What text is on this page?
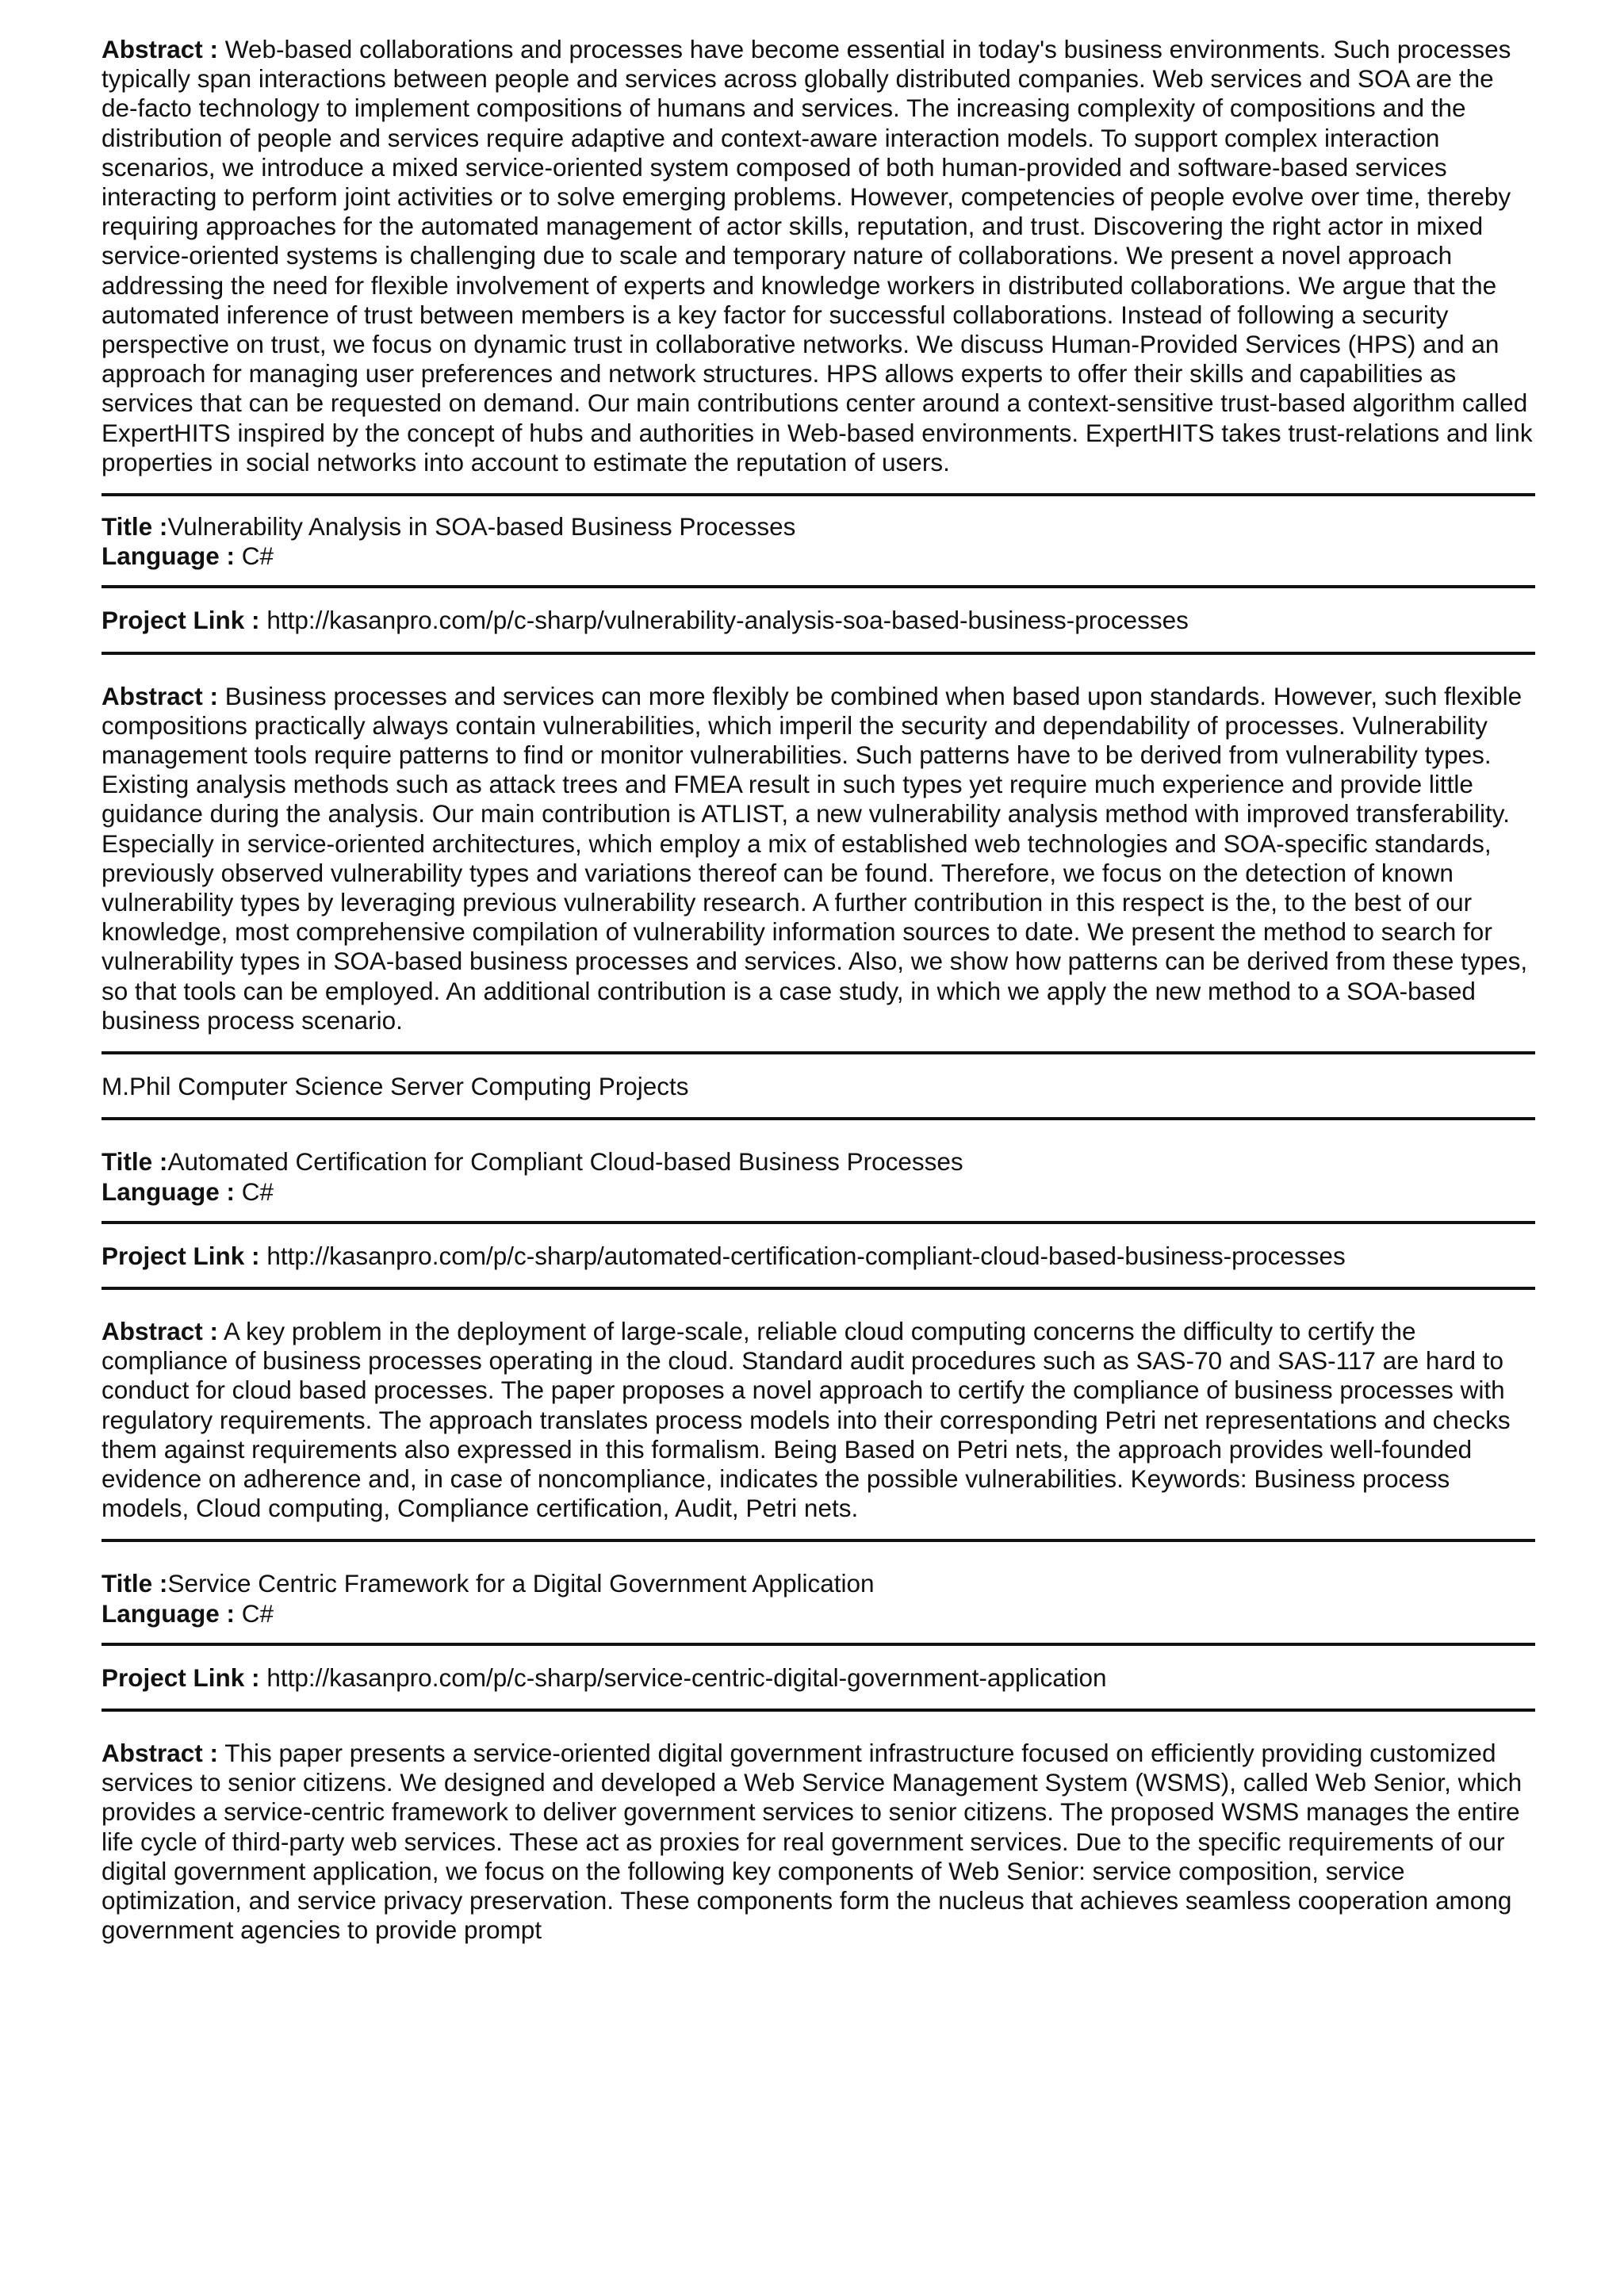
Abstract : Web-based collaborations and processes have become essential in today's business environments. Such processes typically span interactions between people and services across globally distributed companies. Web services and SOA are the de-facto technology to implement compositions of humans and services. The increasing complexity of compositions and the distribution of people and services require adaptive and context-aware interaction models. To support complex interaction scenarios, we introduce a mixed service-oriented system composed of both human-provided and software-based services interacting to perform joint activities or to solve emerging problems. However, competencies of people evolve over time, thereby requiring approaches for the automated management of actor skills, reputation, and trust. Discovering the right actor in mixed service-oriented systems is challenging due to scale and temporary nature of collaborations. We present a novel approach addressing the need for flexible involvement of experts and knowledge workers in distributed collaborations. We argue that the automated inference of trust between members is a key factor for successful collaborations. Instead of following a security perspective on trust, we focus on dynamic trust in collaborative networks. We discuss Human-Provided Services (HPS) and an approach for managing user preferences and network structures. HPS allows experts to offer their skills and capabilities as services that can be requested on demand. Our main contributions center around a context-sensitive trust-based algorithm called ExpertHITS inspired by the concept of hubs and authorities in Web-based environments. ExpertHITS takes trust-relations and link properties in social networks into account to estimate the reputation of users.

Title :Vulnerability Analysis in SOA-based Business Processes

Language : C#

Project Link : http://kasanpro.com/p/c-sharp/vulnerability-analysis-soa-based-business-processes

Abstract : Business processes and services can more flexibly be combined when based upon standards. However, such flexible compositions practically always contain vulnerabilities, which imperil the security and dependability of processes. Vulnerability management tools require patterns to find or monitor vulnerabilities. Such patterns have to be derived from vulnerability types. Existing analysis methods such as attack trees and FMEA result in such types yet require much experience and provide little guidance during the analysis. Our main contribution is ATLIST, a new vulnerability analysis method with improved transferability. Especially in service-oriented architectures, which employ a mix of established web technologies and SOA-specific standards, previously observed vulnerability types and variations thereof can be found. Therefore, we focus on the detection of known vulnerability types by leveraging previous vulnerability research. A further contribution in this respect is the, to the best of our knowledge, most comprehensive compilation of vulnerability information sources to date. We present the method to search for vulnerability types in SOA-based business processes and services. Also, we show how patterns can be derived from these types, so that tools can be employed. An additional contribution is a case study, in which we apply the new method to a SOA-based business process scenario.

M.Phil Computer Science Server Computing Projects

Title :Automated Certification for Compliant Cloud-based Business Processes

Language : C#

Project Link : http://kasanpro.com/p/c-sharp/automated-certification-compliant-cloud-based-business-processes

Abstract : A key problem in the deployment of large-scale, reliable cloud computing concerns the difficulty to certify the compliance of business processes operating in the cloud. Standard audit procedures such as SAS-70 and SAS-117 are hard to conduct for cloud based processes. The paper proposes a novel approach to certify the compliance of business processes with regulatory requirements. The approach translates process models into their corresponding Petri net representations and checks them against requirements also expressed in this formalism. Being Based on Petri nets, the approach provides well-founded evidence on adherence and, in case of noncompliance, indicates the possible vulnerabilities. Keywords: Business process models, Cloud computing, Compliance certification, Audit, Petri nets.

Title :Service Centric Framework for a Digital Government Application

Language : C#

Project Link : http://kasanpro.com/p/c-sharp/service-centric-digital-government-application

Abstract : This paper presents a service-oriented digital government infrastructure focused on efficiently providing customized services to senior citizens. We designed and developed a Web Service Management System (WSMS), called Web Senior, which provides a service-centric framework to deliver government services to senior citizens. The proposed WSMS manages the entire life cycle of third-party web services. These act as proxies for real government services. Due to the specific requirements of our digital government application, we focus on the following key components of Web Senior: service composition, service optimization, and service privacy preservation. These components form the nucleus that achieves seamless cooperation among government agencies to provide prompt
